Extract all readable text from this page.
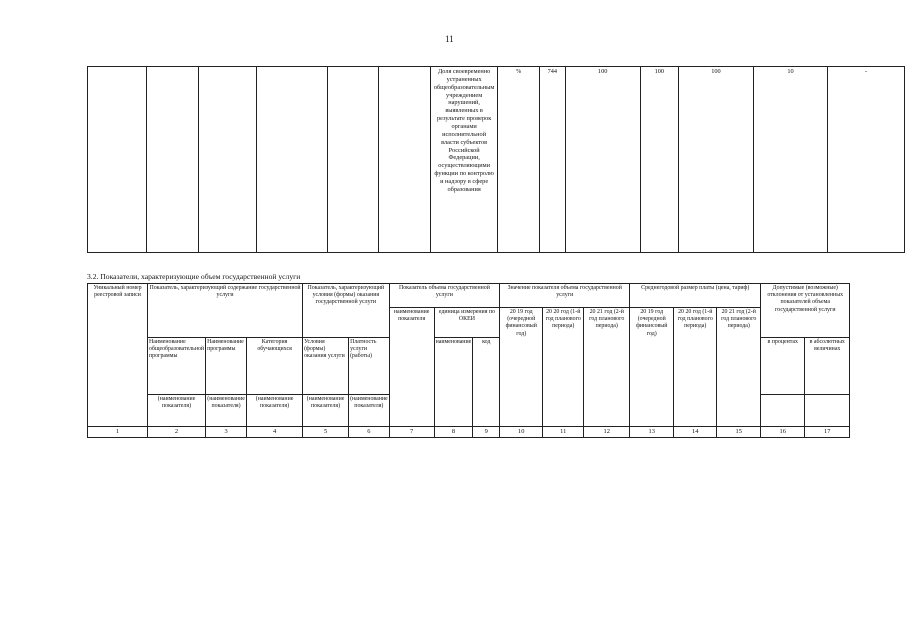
11
						Доля своевременно устраненных общеобразовательным учреждением нарушений, выявленных в результате проверок органами исполнительной власти субъектов Российской Федерации, осуществляющими функции по контролю и надзору в сфере образования	%	744	100	100	100	10	-
3.2. Показатели, характеризующие объем государственной услуги
Уникальный номер реестровой записи	Показатель, характеризующий содержание государственной услуги			Показатель, характеризующий условия (формы) оказания государственной услуги		Показатель объема государственной услуги			Значение показателя объема государственной услуги			Среднегодовой размер платы (цена, тариф)			Допустимые (возможные) отклонения от установленных показателей объема государственной услуги	
						наименование показателя	единица измерения по ОКЕИ		20 19 год (очередной финансовый год)	20 20 год (1-й год планового периода)	20 21 год (2-й год планового периода)	20 19 год (очередной финансовый год)	20 20 год (1-й год планового периода)	20 21 год (2-й год планового периода)		
	Наименование общеобразовательной программы	Наименование программы	Категория обучающихся	Условия (формы) оказания услуги	Платность услуги (работы)		наименование	код							в процентах	в абсолютных величинах
	(наименование показателя)	(наименование показателя)	(наименование показателя)	(наименование показателя)	(наименование показателя)											
1	2	3	4	5	6	7	8	9	10	11	12	13	14	15	16	17
